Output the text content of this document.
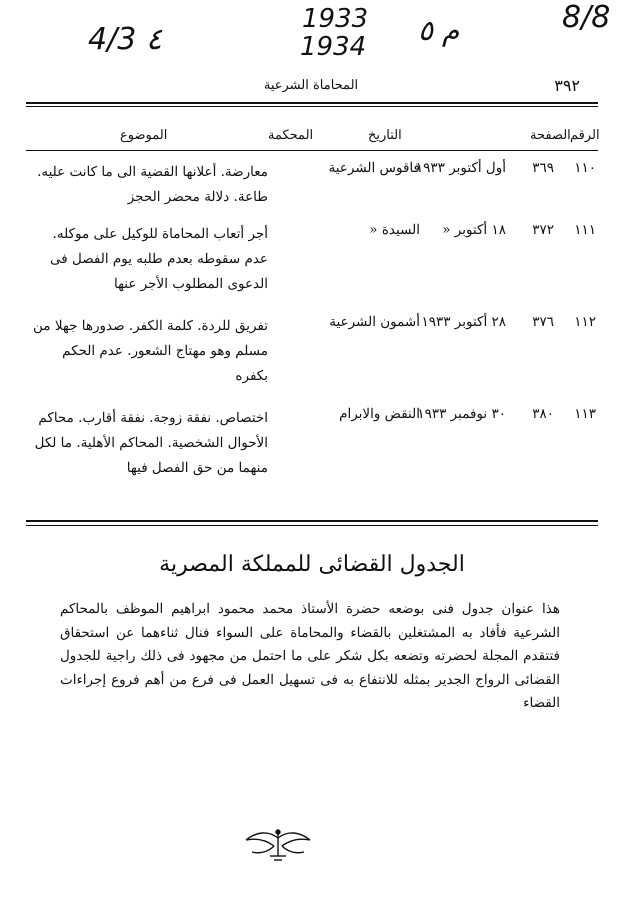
4/3 ٤
1933
1934 م ٥	8/8
٣٩٢
المحاماة الشرعية
الرقم
الصفحة
التاريخ
المحكمة
الموضوع
١١٠
٣٦٩
أول أكتوبر ١٩٣٣
فاقوس الشرعية
معارضة. أعلانها القضية الى ما كانت عليه. طاعة. دلالة محضر الحجز
١١١
٣٧٢
١٨ أكتوبر «
السيدة «
أجر أتعاب المحاماة للوكيل على موكله. عدم سقوطه بعدم طلبه يوم الفصل فى الدعوى المطلوب الأجر عنها
١١٢
٣٧٦
٢٨ أكتوبر ١٩٣٣
أشمون الشرعية
تفريق للردة. كلمة الكفر. صدورها جهلا من مسلم وهو مهتاج الشعور. عدم الحكم بكفره
١١٣
٣٨٠
٣٠ نوفمبر ١٩٣٣
النقض والابرام
اختصاص. نفقة زوجة. نفقة أقارب. محاكم الأحوال الشخصية. المحاكم الأهلية. ما لكل منهما من حق الفصل فيها
الجدول القضائى للمملكة المصرية
هذا عنوان جدول فنى بوضعه حضرة الأستاذ محمد محمود ابراهيم الموظف بالمحاكم الشرعية فأفاد به المشتغلين بالقضاء والمحاماة على السواء فنال ثناءهما عن استحقاق فتتقدم المجلة لحضرته وتضعه بكل شكر على ما احتمل من مجهود فى ذلك راجية للجدول القضائى الرواج الجدير بمثله للانتفاع به فى تسهيل العمل فى فرع من أهم فروع إجراءات القضاء
